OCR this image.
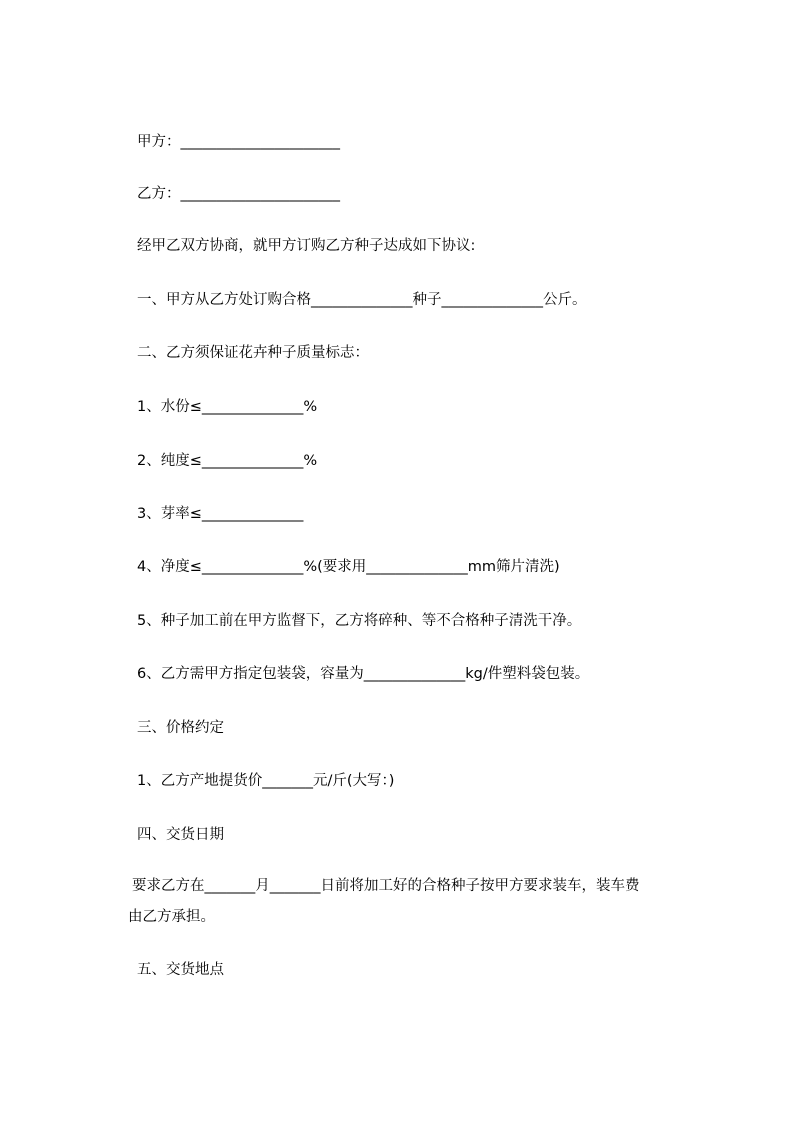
甲方：______________________
乙方：______________________
经甲乙双方协商，就甲方订购乙方种子达成如下协议:
一、甲方从乙方处订购合格______________种子______________公斤。
二、乙方须保证花卉种子质量标志：
1、水份≤______________%
2、纯度≤______________%
3、芽率≤______________
4、净度≤______________%(要求用______________mm筛片清洗)
5、种子加工前在甲方监督下，乙方将碎种、等不合格种子清洗干净。
6、乙方需甲方指定包装袋，容量为______________kg/件塑料袋包装。
三、价格约定
1、乙方产地提货价_______元/斤(大写：)
四、交货日期
要求乙方在_______月_______日前将加工好的合格种子按甲方要求装车，装车费
由乙方承担。
五、交货地点
